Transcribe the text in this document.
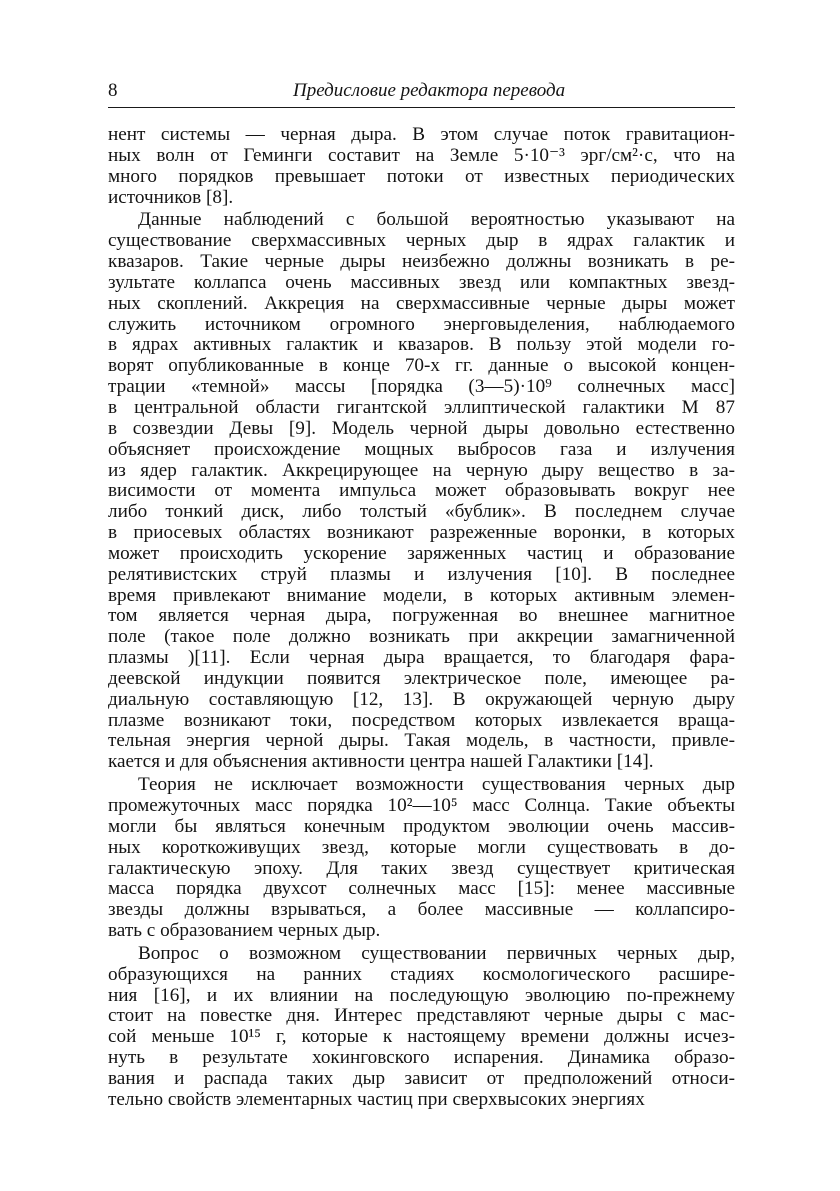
8	Предисловие редактора перевода
нент системы — черная дыра. В этом случае поток гравитацион-
ных волн от Геминги составит на Земле 5·10⁻³ эрг/см²·с, что на
много порядков превышает потоки от известных периодических
источников [8].
Данные наблюдений с большой вероятностью указывают на
существование сверхмассивных черных дыр в ядрах галактик и
квазаров. Такие черные дыры неизбежно должны возникать в ре-
зультате коллапса очень массивных звезд или компактных звезд-
ных скоплений. Аккреция на сверхмассивные черные дыры может
служить источником огромного энерговыделения, наблюдаемого
в ядрах активных галактик и квазаров. В пользу этой модели го-
ворят опубликованные в конце 70-х гг. данные о высокой концен-
трации «темной» массы [порядка (3—5)·10⁹ солнечных масс]
в центральной области гигантской эллиптической галактики М 87
в созвездии Девы [9]. Модель черной дыры довольно естественно
объясняет происхождение мощных выбросов газа и излучения
из ядер галактик. Аккрецирующее на черную дыру вещество в за-
висимости от момента импульса может образовывать вокруг нее
либо тонкий диск, либо толстый «бублик». В последнем случае
в приосевых областях возникают разреженные воронки, в которых
может происходить ускорение заряженных частиц и образование
релятивистских струй плазмы и излучения [10]. В последнее
время привлекают внимание модели, в которых активным элемен-
том является черная дыра, погруженная во внешнее магнитное
поле (такое поле должно возникать при аккреции замагниченной
плазмы )[11]. Если черная дыра вращается, то благодаря фара-
деевской индукции появится электрическое поле, имеющее ра-
диальную составляющую [12, 13]. В окружающей черную дыру
плазме возникают токи, посредством которых извлекается враща-
тельная энергия черной дыры. Такая модель, в частности, привле-
кается и для объяснения активности центра нашей Галактики [14].
Теория не исключает возможности существования черных дыр
промежуточных масс порядка 10²—10⁵ масс Солнца. Такие объекты
могли бы являться конечным продуктом эволюции очень массив-
ных короткоживущих звезд, которые могли существовать в до-
галактическую эпоху. Для таких звезд существует критическая
масса порядка двухсот солнечных масс [15]: менее массивные
звезды должны взрываться, а более массивные — коллапсиро-
вать с образованием черных дыр.
Вопрос о возможном существовании первичных черных дыр,
образующихся на ранних стадиях космологического расшире-
ния [16], и их влиянии на последующую эволюцию по-прежнему
стоит на повестке дня. Интерес представляют черные дыры с мас-
сой меньше 10¹⁵ г, которые к настоящему времени должны исчез-
нуть в результате хокинговского испарения. Динамика образо-
вания и распада таких дыр зависит от предположений относи-
тельно свойств элементарных частиц при сверхвысоких энергиях
